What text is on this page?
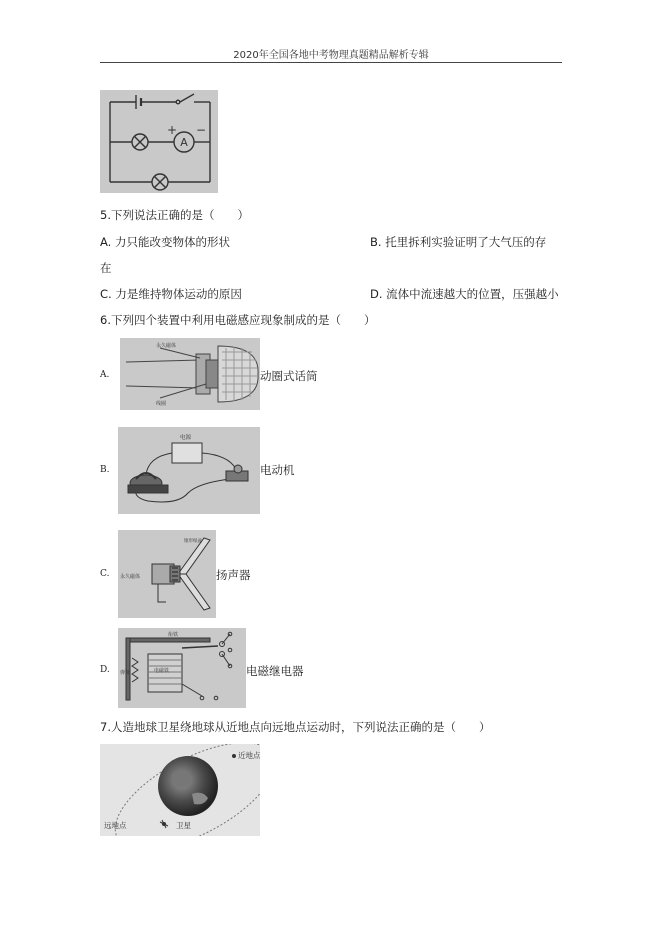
2020年全国各地中考物理真题精品解析专辑
A
+ −
5.下列说法正确的是（　　）
A. 力只能改变物体的形状	B. 托里拆利实验证明了大气压的存
在
C. 力是维持物体运动的原因	D. 流体中流速越大的位置，压强越小
6.下列四个装置中利用电磁感应现象制成的是（　　）
A.
永久磁体
线圈
动圈式话筒
B.
电源
电动机
C. 永久磁体
锥形纸盆
扬声器
D.
衔铁
电磁铁
弹簧	电磁继电器
7.人造地球卫星绕地球从近地点向远地点运动时，下列说法正确的是（　　）
近地点
远地点	卫星
